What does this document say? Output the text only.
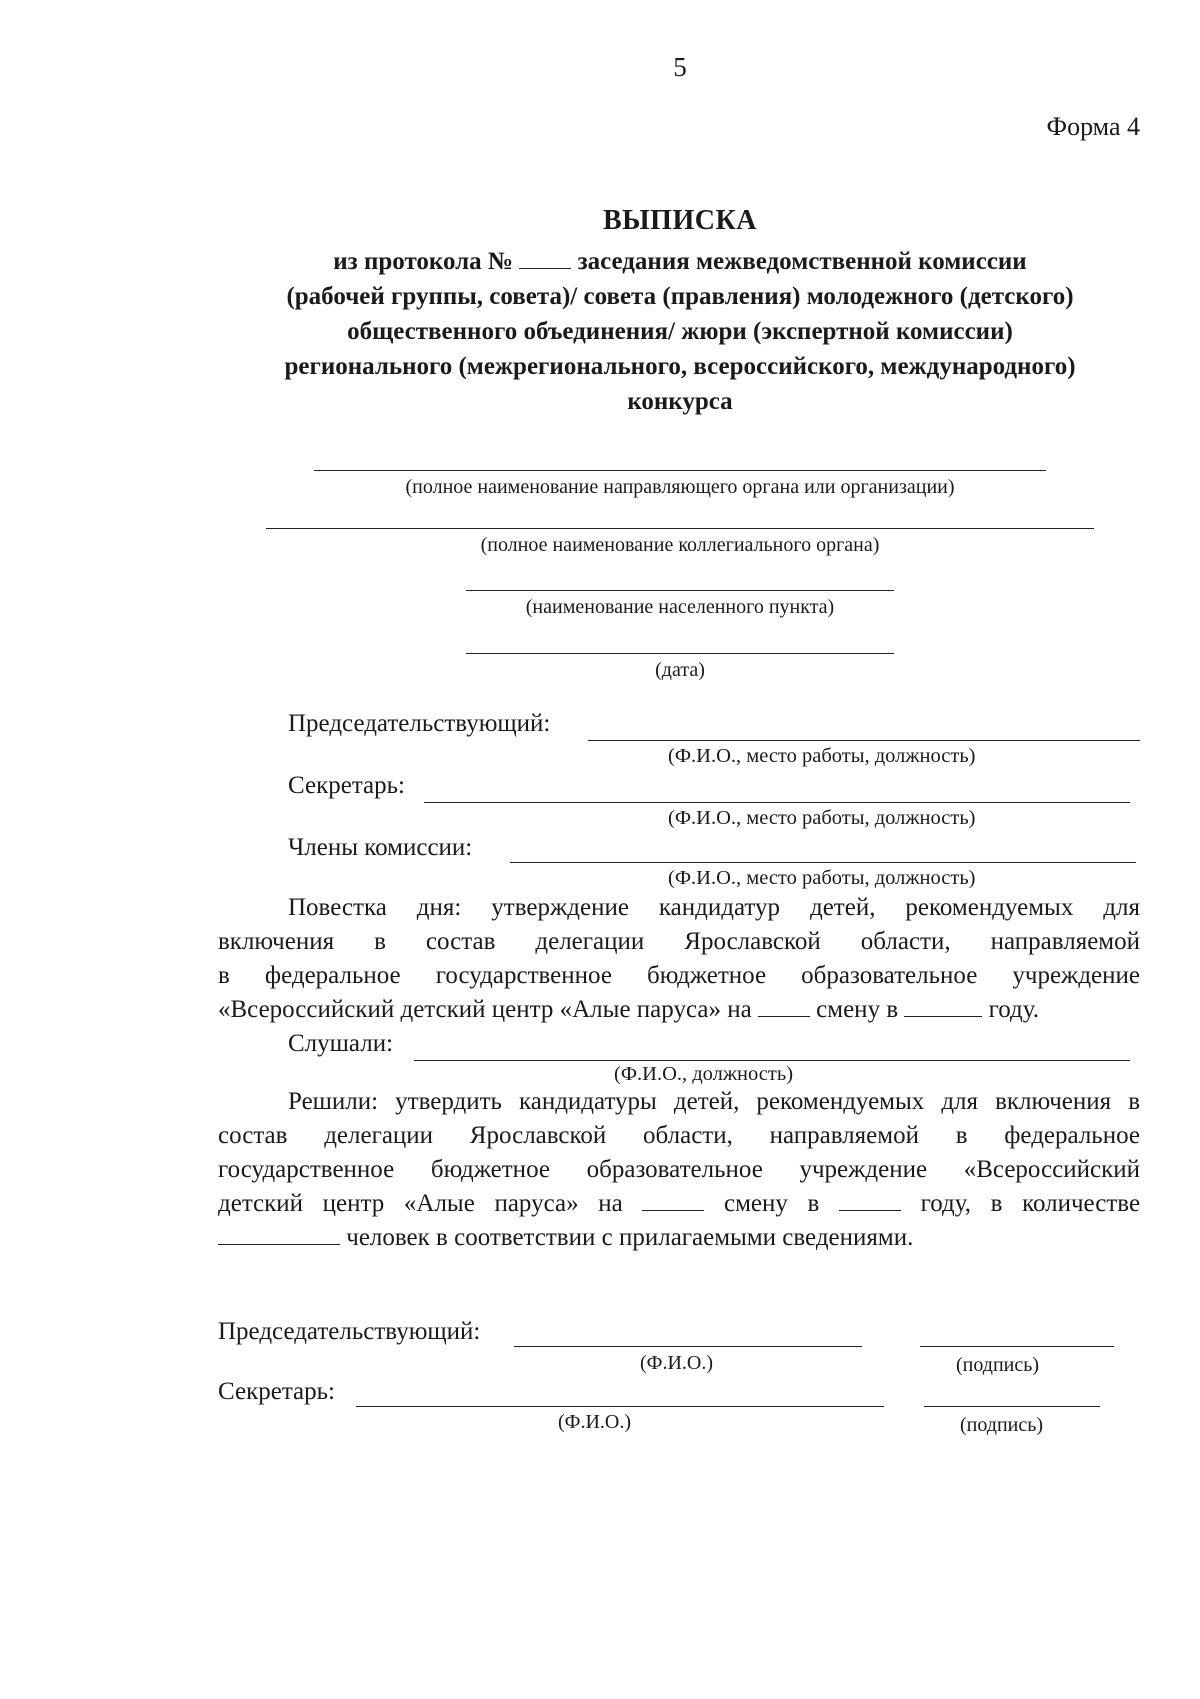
5
Форма 4
ВЫПИСКА
из протокола №	заседания межведомственной комиссии
(рабочей группы, совета)/ совета (правления) молодежного (детского)
общественного объединения/ жюри (экспертной комиссии)
регионального (межрегионального, всероссийского, международного)
конкурса
(полное наименование направляющего органа или организации)
(полное наименование коллегиального органа)
(наименование населенного пункта)
(дата)
Председательствующий:
(Ф.И.О., место работы, должность)
Секретарь:
(Ф.И.О., место работы, должность)
Члены комиссии:
(Ф.И.О., место работы, должность)
Повестка дня: утверждение кандидатур детей, рекомендуемых для
включения в состав делегации Ярославской области, направляемой
в федеральное государственное бюджетное образовательное учреждение
«Всероссийский детский центр «Алые паруса» на	смену в	году.
Слушали:
(Ф.И.О., должность)
Решили: утвердить кандидатуры детей, рекомендуемых для включения в
состав делегации Ярославской области, направляемой в федеральное
государственное бюджетное образовательное учреждение «Всероссийский
детский центр «Алые паруса» на	смену в	году, в количестве
человек в соответствии с прилагаемыми сведениями.
Председательствующий:
(Ф.И.О.)	(подпись)
Секретарь:
(Ф.И.О.)	(подпись)
